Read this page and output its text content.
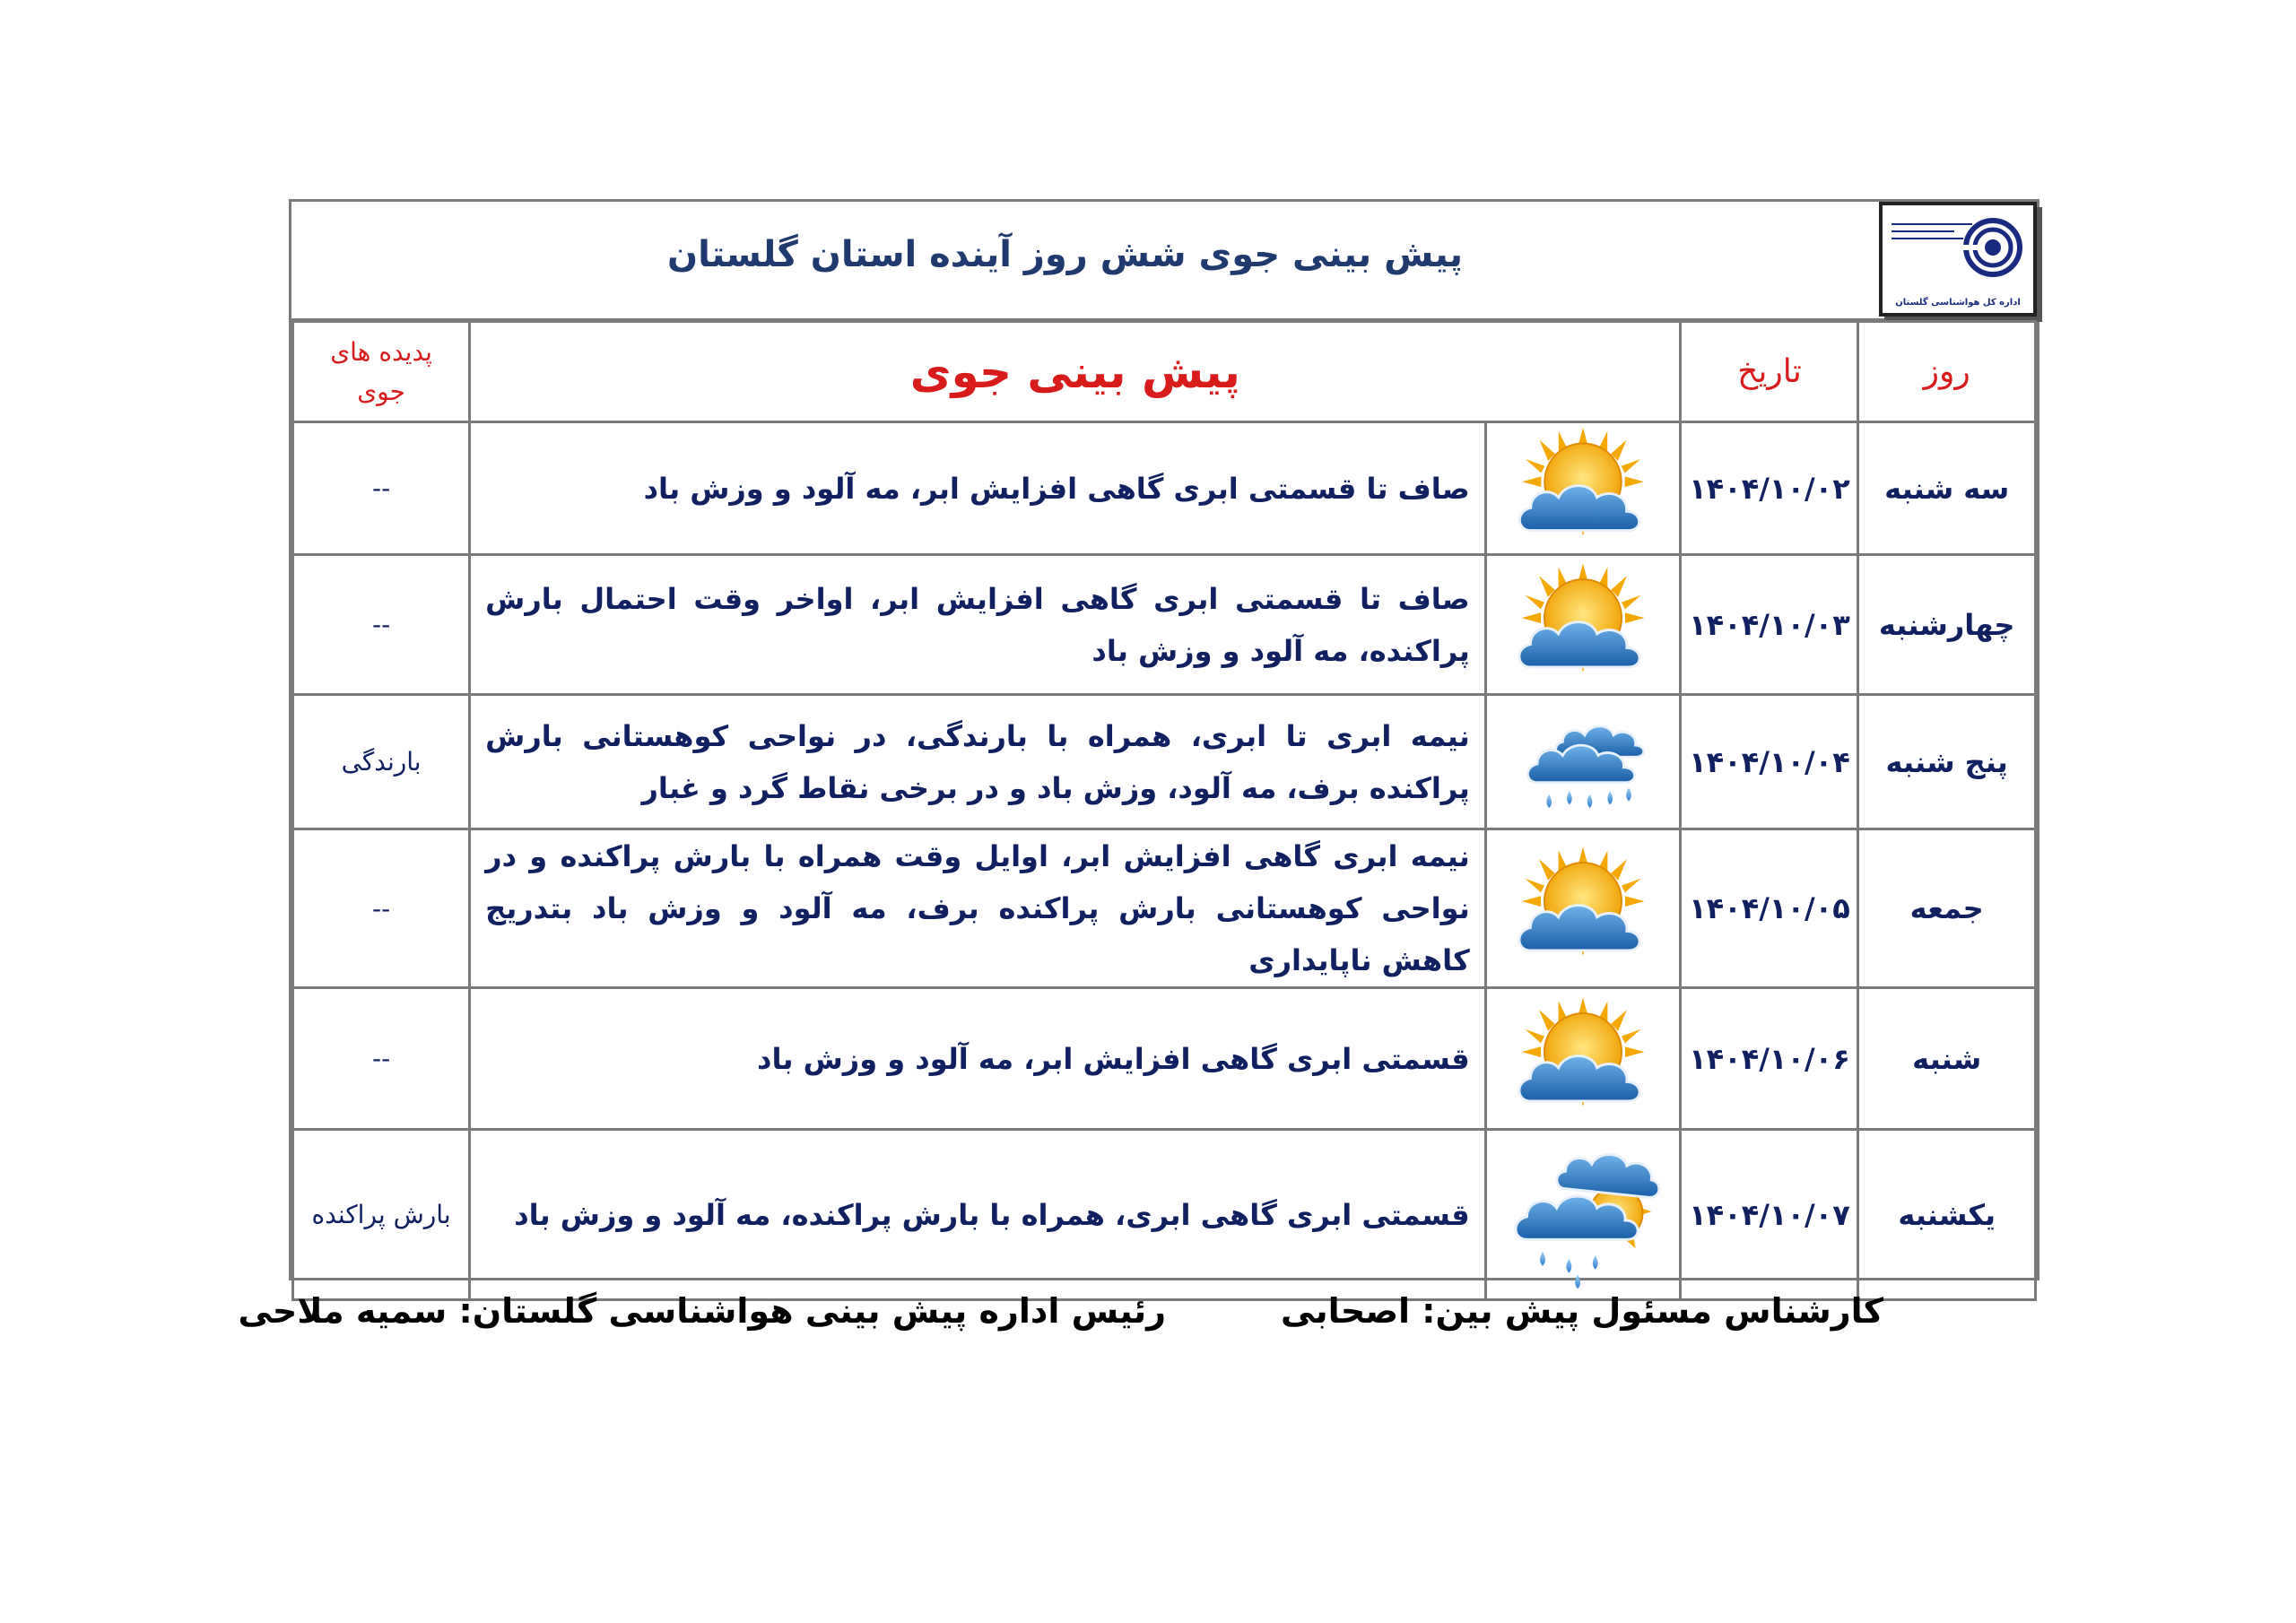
پیش بینی جوی شش روز آینده استان گلستان
اداره کل هواشناسی گلستان
روز	تاریخ	پیش بینی جوی		پدیده های
جوی
سه شنبه	۱۴۰۴/۱۰/۰۲		صاف تا قسمتی ابری گاهی افزایش ابر، مه آلود و وزش باد	--
چهارشنبه	۱۴۰۴/۱۰/۰۳		صاف تا قسمتی ابری گاهی افزایش ابر، اواخر وقت احتمال بارش پراکنده، مه آلود و وزش باد	--
پنج شنبه	۱۴۰۴/۱۰/۰۴		نیمه ابری تا ابری، همراه با بارندگی، در نواحی کوهستانی بارش پراکنده برف، مه آلود، وزش باد و در برخی نقاط گرد و غبار	بارندگی
جمعه	۱۴۰۴/۱۰/۰۵		نیمه ابری گاهی افزایش ابر، اوایل وقت همراه با بارش پراکنده و در نواحی کوهستانی بارش پراکنده برف، مه آلود و وزش باد بتدریج کاهش ناپایداری	--
شنبه	۱۴۰۴/۱۰/۰۶		قسمتی ابری گاهی افزایش ابر، مه آلود و وزش باد	--
یکشنبه	۱۴۰۴/۱۰/۰۷		قسمتی ابری گاهی ابری، همراه با بارش پراکنده، مه آلود و وزش باد	بارش پراکنده
کارشناس مسئول پیش بین: اصحابی
رئیس اداره پیش بینی هواشناسی گلستان: سمیه ملاحی
